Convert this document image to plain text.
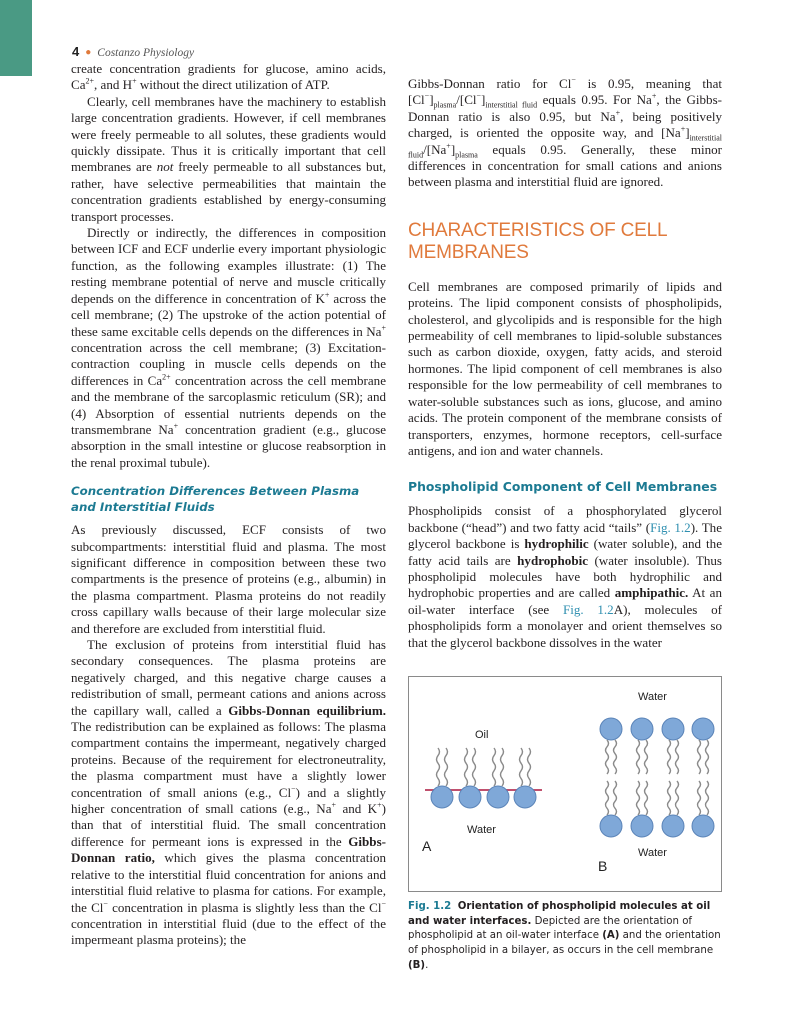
4 ● Costanzo Physiology

create concentration gradients for glucose, amino acids, $Ca^{2+}$, and H+ without the direct utilization of ATP.

Clearly, cell membranes have the machinery to establish large concentration gradients. However, if cell membranes were freely permeable to all solutes, these gradients would quickly dissipate. Thus it is critically important that cell membranes are not freely permeable to all substances but, rather, have selective permeabilities that maintain the concentration gradients established by energy-consuming transport processes.

Directly or indirectly, the differences in composition between ICF and ECF underlie every important physiologic function, as the following examples illustrate: (1) The resting membrane potential of nerve and muscle critically depends on the difference in concentration of K+ across the cell membrane; (2) The upstroke of the action potential of these same excitable cells depends on the differences in Na+ concentration across the cell membrane; (3) Excitation-contraction coupling in muscle cells depends on the differences in $Ca^{2+}$ concentration across the cell membrane and the membrane of the sarcoplasmic reticulum (SR); and (4) Absorption of essential nutrients depends on the transmembrane Na+ concentration gradient (e.g., glucose absorption in the small intestine or glucose reabsorption in the renal proximal tubule).

Concentration Differences Between Plasma and Interstitial Fluids

As previously discussed, ECF consists of two subcompartments: interstitial fluid and plasma. The most significant difference in composition between these two compartments is the presence of proteins (e.g., albumin) in the plasma compartment. Plasma proteins do not readily cross capillary walls because of their large molecular size and therefore are excluded from interstitial fluid.

The exclusion of proteins from interstitial fluid has secondary consequences. The plasma proteins are negatively charged, and this negative charge causes a redistribution of small, permeant cations and anions across the capillary wall, called a Gibbs-Donnan equilibrium. The redistribution can be explained as follows: The plasma compartment contains the impermeant, negatively charged proteins. Because of the requirement for electroneutrality, the plasma compartment must have a slightly lower concentration of small anions (e.g., Cl−) and a slightly higher concentration of small cations (e.g., Na+ and K+) than that of interstitial fluid. The small concentration difference for permeant ions is expressed in the Gibbs-Donnan ratio, which gives the plasma concentration relative to the interstitial fluid concentration for anions and interstitial fluid relative to plasma for cations. For example, the Cl− concentration in plasma is slightly less than the Cl− concentration in interstitial fluid (due to the effect of the impermeant plasma proteins); the

Gibbs-Donnan ratio for Cl− is 0.95, meaning that $[Cl^-]_{plasma}/[Cl^-]_{interstitial fluid}$ equals 0.95. For Na+, the Gibbs-Donnan ratio is also 0.95, but Na+, being positively charged, is oriented the opposite way, and $[Na^+]_{interstitial fluid}/[Na^+]_{plasma}$ equals 0.95. Generally, these minor differences in concentration for small cations and anions between plasma and interstitial fluid are ignored.

CHARACTERISTICS OF CELL MEMBRANES

Cell membranes are composed primarily of lipids and proteins. The lipid component consists of phospholipids, cholesterol, and glycolipids and is responsible for the high permeability of cell membranes to lipid-soluble substances such as carbon dioxide, oxygen, fatty acids, and steroid hormones. The lipid component of cell membranes is also responsible for the low permeability of cell membranes to water-soluble substances such as ions, glucose, and amino acids. The protein component of the membrane consists of transporters, enzymes, hormone receptors, cell-surface antigens, and ion and water channels.

Phospholipid Component of Cell Membranes

Phospholipids consist of a phosphorylated glycerol backbone (“head”) and two fatty acid “tails” (Fig. 1.2). The glycerol backbone is hydrophilic (water soluble), and the fatty acid tails are hydrophobic (water insoluble). Thus phospholipid molecules have both hydrophilic and hydrophobic properties and are called amphipathic. At an oil-water interface (see Fig. 1.2A), molecules of phospholipids form a monolayer and orient themselves so that the glycerol backbone dissolves in the water

Oil
Water
A
Water
Water
B
Fig. 1.2 Orientation of phospholipid molecules at oil and water interfaces. Depicted are the orientation of phospholipid at an oil-water interface (A) and the orientation of phospholipid in a bilayer, as occurs in the cell membrane (B).
